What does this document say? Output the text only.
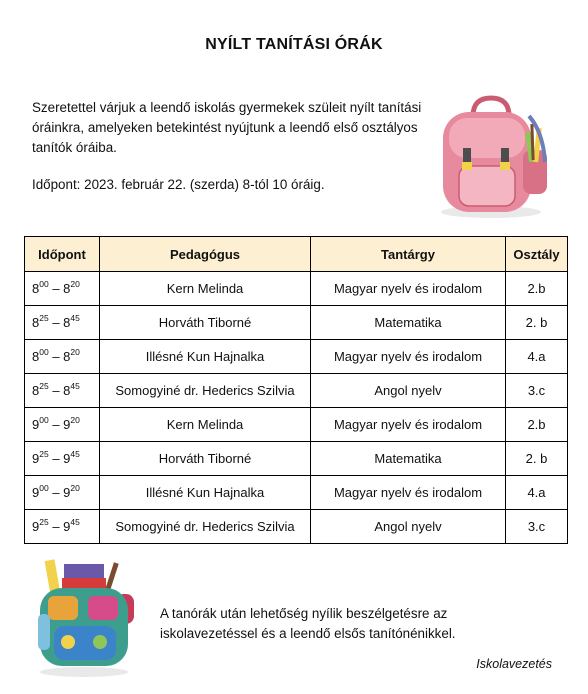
NYÍLT TANÍTÁSI ÓRÁK
Szeretettel várjuk a leendő iskolás gyermekek szüleit nyílt tanítási óráinkra, amelyeken betekintést nyújtunk a leendő első osztályos tanítók óráiba.
Időpont: 2023. február 22. (szerda) 8-tól 10 óráig.
Időpont	Pedagógus	Tantárgy	Osztály
$8^{00} - 8^{20}$	Kern Melinda	Magyar nyelv és irodalom	2.b
$8^{25} - 8^{45}$	Horváth Tiborné	Matematika	2. b
$8^{00} - 8^{20}$	Illésné Kun Hajnalka	Magyar nyelv és irodalom	4.a
$8^{25} - 8^{45}$	Somogyiné dr. Hederics Szilvia	Angol nyelv	3.c
$9^{00} - 9^{20}$	Kern Melinda	Magyar nyelv és irodalom	2.b
$9^{25} - 9^{45}$	Horváth Tiborné	Matematika	2. b
$9^{00} - 9^{20}$	Illésné Kun Hajnalka	Magyar nyelv és irodalom	4.a
$9^{25} - 9^{45}$	Somogyiné dr. Hederics Szilvia	Angol nyelv	3.c
A tanórák után lehetőség nyílik beszélgetésre az iskolavezetéssel és a leendő elsős tanítónénikkel.
Iskolavezetés
